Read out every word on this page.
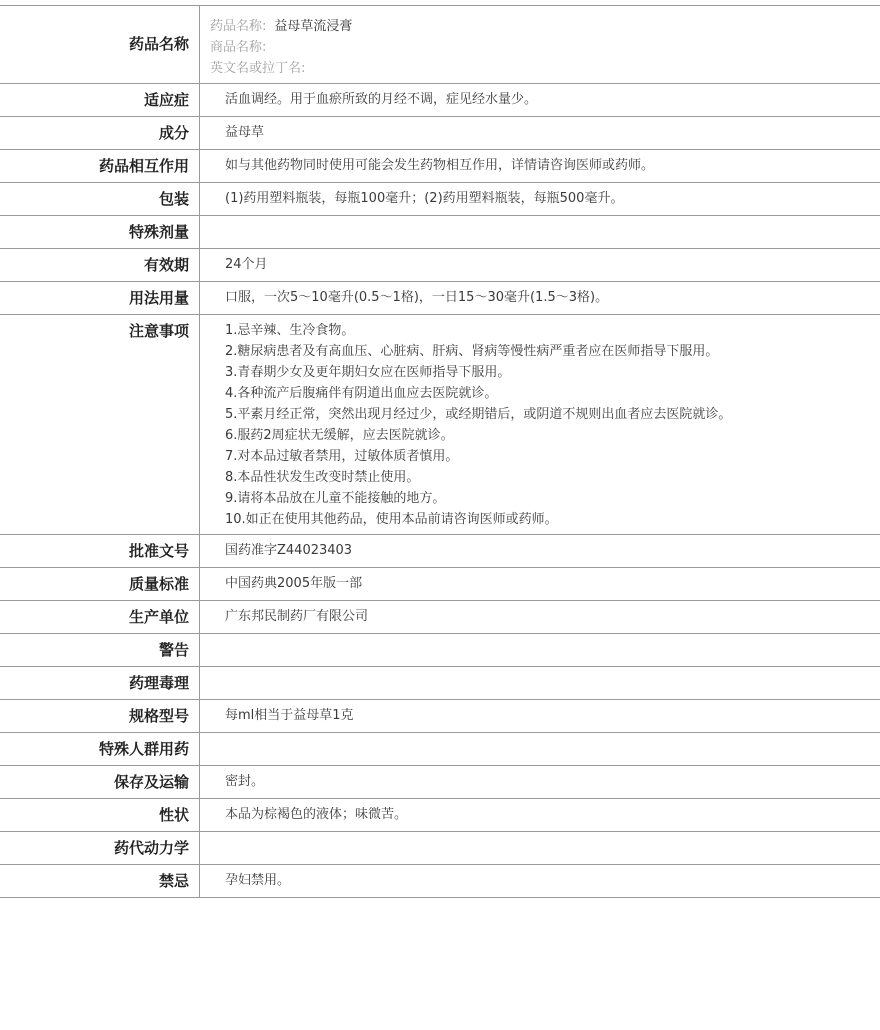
药品名称
药品名称: 益母草流浸膏
商品名称:
英文名或拉丁名:
适应症	活血调经。用于血瘀所致的月经不调，症见经水量少。
成分	益母草
药品相互作用	如与其他药物同时使用可能会发生药物相互作用，详情请咨询医师或药师。
包装	(1)药用塑料瓶装，每瓶100毫升；(2)药用塑料瓶装，每瓶500毫升。
特殊剂量
有效期	24个月
用法用量	口服，一次5～10毫升(0.5～1格)，一日15～30毫升(1.5～3格)。
注意事项	1.忌辛辣、生冷食物。
2.糖尿病患者及有高血压、心脏病、肝病、肾病等慢性病严重者应在医师指导下服用。
3.青春期少女及更年期妇女应在医师指导下服用。
4.各种流产后腹痛伴有阴道出血应去医院就诊。
5.平素月经正常，突然出现月经过少，或经期错后，或阴道不规则出血者应去医院就诊。
6.服药2周症状无缓解，应去医院就诊。
7.对本品过敏者禁用，过敏体质者慎用。
8.本品性状发生改变时禁止使用。
9.请将本品放在儿童不能接触的地方。
10.如正在使用其他药品，使用本品前请咨询医师或药师。
批准文号	国药准字Z44023403
质量标准	中国药典2005年版一部
生产单位	广东邦民制药厂有限公司
警告
药理毒理
规格型号	每ml相当于益母草1克
特殊人群用药
保存及运输	密封。
性状	本品为棕褐色的液体；味微苦。
药代动力学
禁忌	孕妇禁用。
